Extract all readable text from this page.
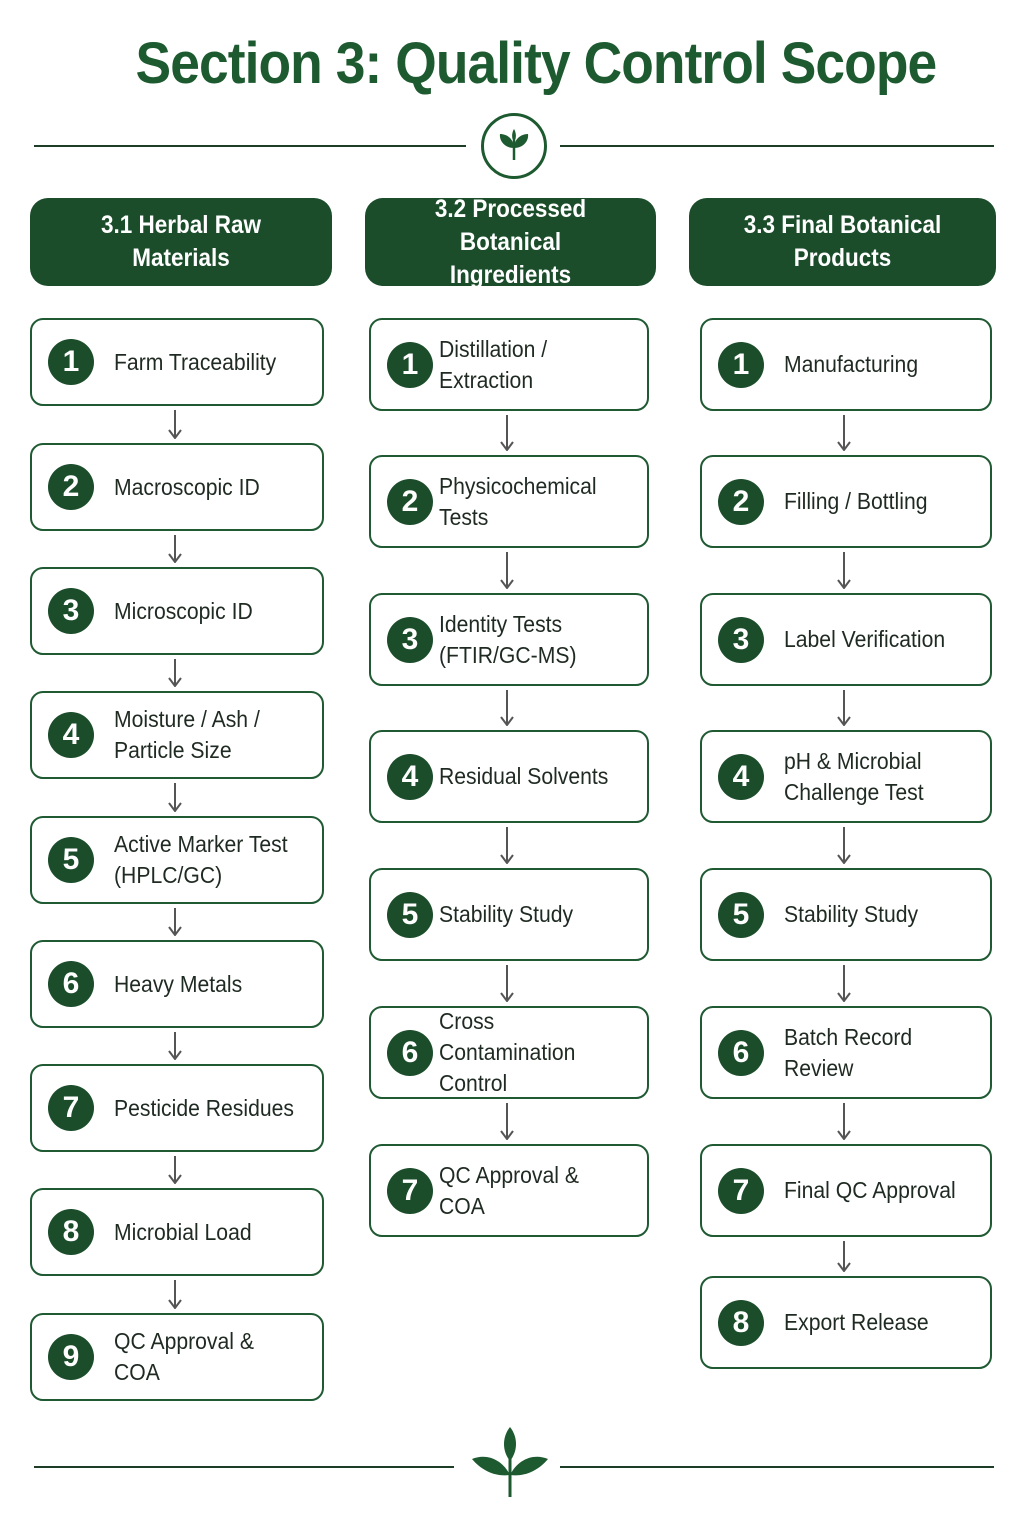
Section 3: Quality Control Scope
3.1 Herbal Raw Materials
3.2 Processed Botanical
Ingredients
3.3 Final Botanical Products
1	Farm Traceability
2	Macroscopic ID
3	Microscopic ID
4	Moisture / Ash /
Particle Size
5	Active Marker Test
(HPLC/GC)
6	Heavy Metals
7	Pesticide Residues
8	Microbial Load
9	QC Approval & COA
1 Distillation / Extraction
2 Physicochemical Tests
3 Identity Tests
(FTIR/GC-MS)
4 Residual Solvents
5 Stability Study
6
Cross Contamination
Control
7 QC Approval & COA
1	Manufacturing
2	Filling / Bottling
3	Label Verification
4	pH & Microbial
Challenge Test
5	Stability Study
6	Batch Record Review
7	Final QC Approval
8	Export Release
